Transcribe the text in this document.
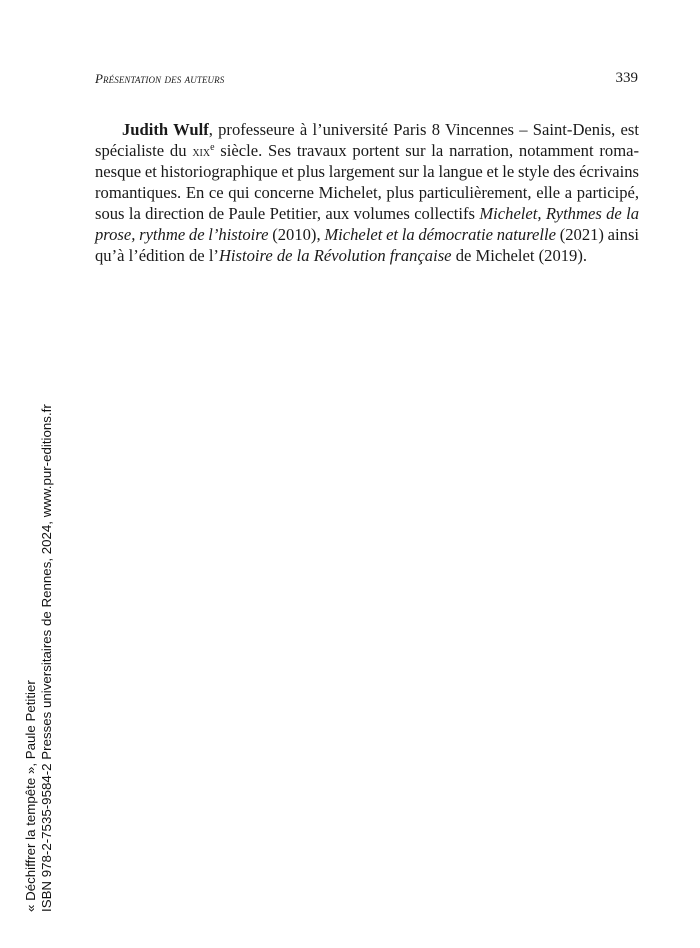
Présentation des auteurs	339
Judith Wulf, professeure à l’université Paris 8 Vincennes – Saint-Denis, est
spécialiste du xix$^e$ siècle. Ses travaux portent sur la narration, notamment roma-
nesque et historiographique et plus largement sur la langue et le style des écrivains
romantiques. En ce qui concerne Michelet, plus particulièrement, elle a participé,
sous la direction de Paule Petitier, aux volumes collectifs Michelet, Rythmes de la
prose, rythme de l’histoire (2010), Michelet et la démocratie naturelle (2021) ainsi
qu’à l’édition de l’Histoire de la Révolution française de Michelet (2019).
« Déchiffrer la tempête », Paule Petitier ISBN 978-2-7535-9584-2 Presses universitaires de Rennes, 2024, www.pur-editions.fr
